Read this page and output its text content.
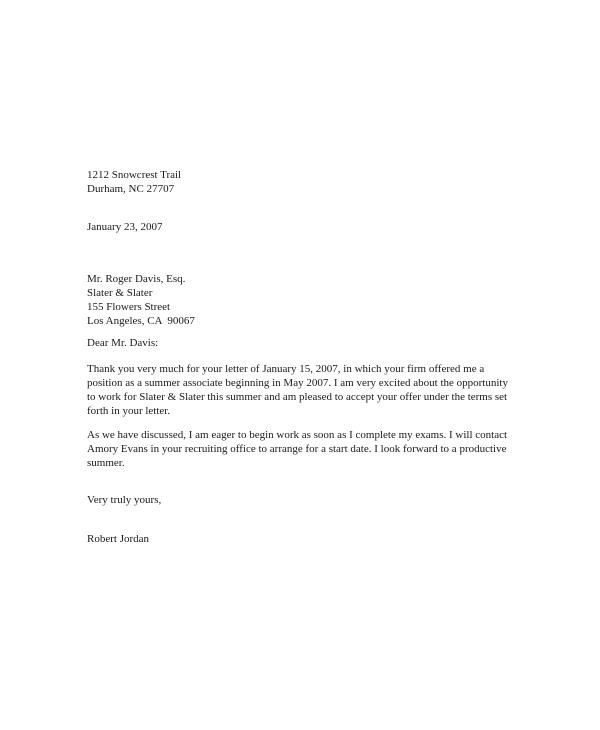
1212 Snowcrest Trail
Durham, NC 27707
January 23, 2007
Mr. Roger Davis, Esq.
Slater & Slater
155 Flowers Street
Los Angeles, CA  90067
Dear Mr. Davis:
Thank you very much for your letter of January 15, 2007, in which your firm offered me a
position as a summer associate beginning in May 2007. I am very excited about the opportunity
to work for Slater & Slater this summer and am pleased to accept your offer under the terms set
forth in your letter.
As we have discussed, I am eager to begin work as soon as I complete my exams. I will contact
Amory Evans in your recruiting office to arrange for a start date. I look forward to a productive
summer.
Very truly yours,
Robert Jordan
